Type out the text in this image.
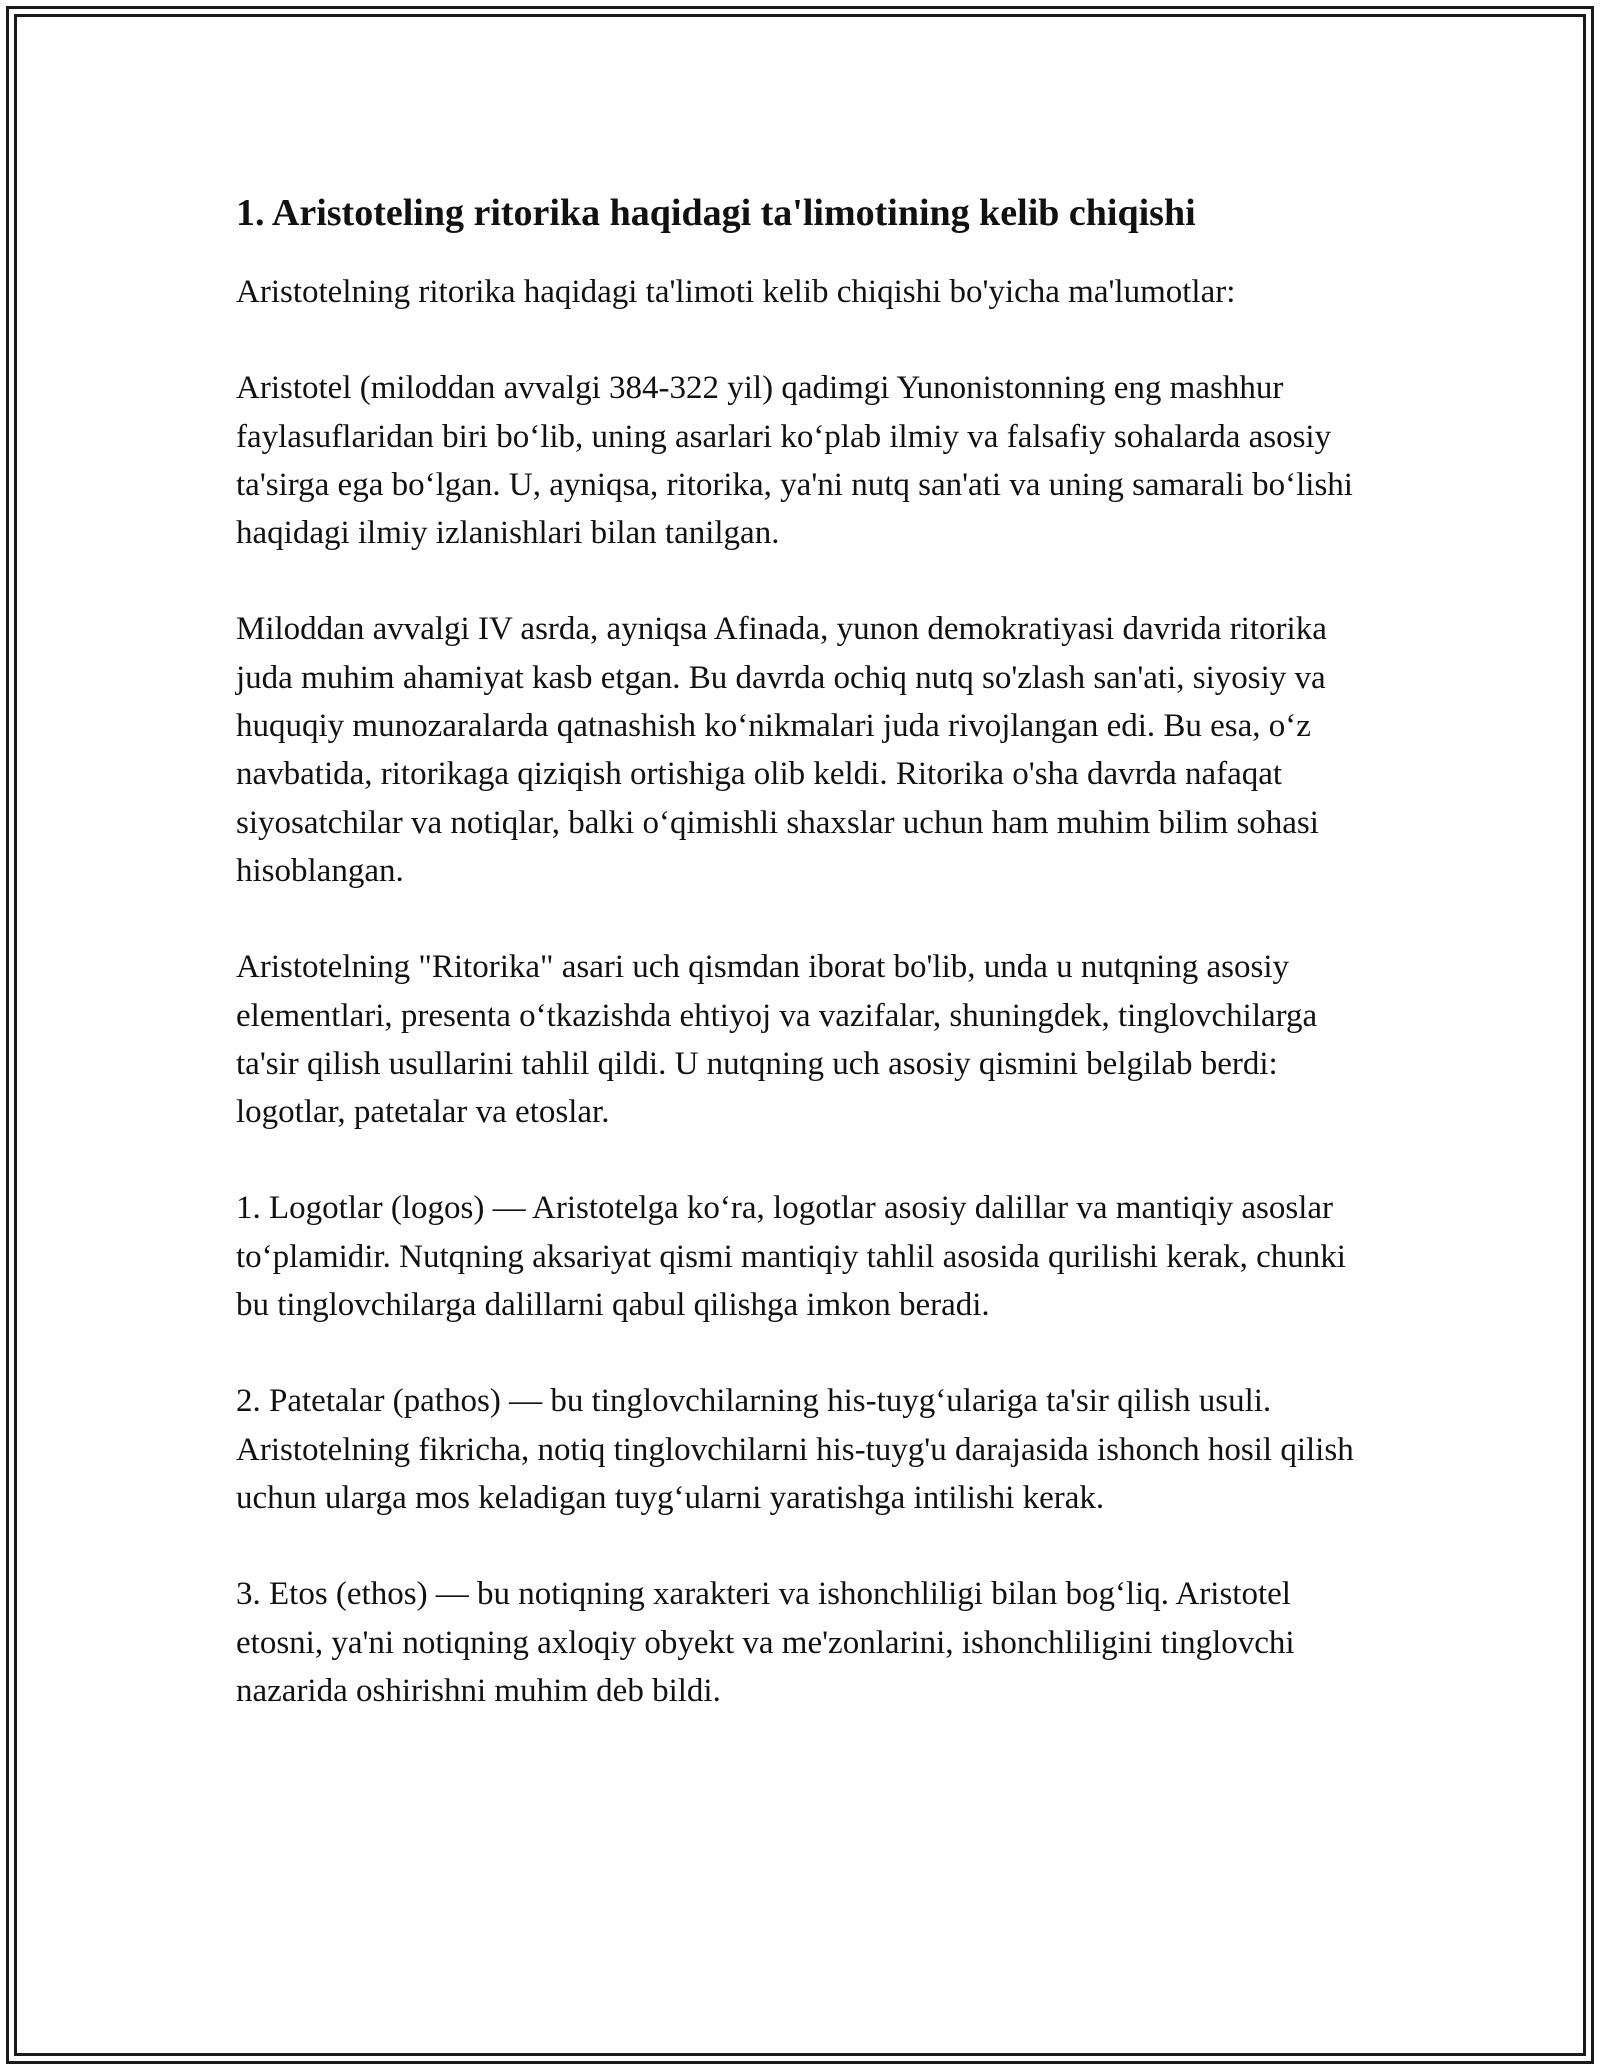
1. Aristoteling ritorika haqidagi ta'limotining kelib chiqishi

Aristotelning ritorika haqidagi ta'limoti kelib chiqishi bo'yicha ma'lumotlar:

Aristotel (miloddan avvalgi 384-322 yil) qadimgi Yunonistonning eng mashhur faylasuflaridan biri bo‘lib, uning asarlari ko‘plab ilmiy va falsafiy sohalarda asosiy ta'sirga ega bo‘lgan. U, ayniqsa, ritorika, ya'ni nutq san'ati va uning samarali bo‘lishi haqidagi ilmiy izlanishlari bilan tanilgan.

Miloddan avvalgi IV asrda, ayniqsa Afinada, yunon demokratiyasi davrida ritorika juda muhim ahamiyat kasb etgan. Bu davrda ochiq nutq so'zlash san'ati, siyosiy va huquqiy munozaralarda qatnashish ko‘nikmalari juda rivojlangan edi. Bu esa, o‘z navbatida, ritorikaga qiziqish ortishiga olib keldi. Ritorika o'sha davrda nafaqat siyosatchilar va notiqlar, balki o‘qimishli shaxslar uchun ham muhim bilim sohasi hisoblangan.

Aristotelning "Ritorika" asari uch qismdan iborat bo'lib, unda u nutqning asosiy elementlari, presenta o‘tkazishda ehtiyoj va vazifalar, shuningdek, tinglovchilarga ta'sir qilish usullarini tahlil qildi. U nutqning uch asosiy qismini belgilab berdi: logotlar, patetalar va etoslar.

1. Logotlar (logos) — Aristotelga ko‘ra, logotlar asosiy dalillar va mantiqiy asoslar to‘plamidir. Nutqning aksariyat qismi mantiqiy tahlil asosida qurilishi kerak, chunki bu tinglovchilarga dalillarni qabul qilishga imkon beradi.

2. Patetalar (pathos) — bu tinglovchilarning his-tuyg‘ulariga ta'sir qilish usuli. Aristotelning fikricha, notiq tinglovchilarni his-tuyg'u darajasida ishonch hosil qilish uchun ularga mos keladigan tuyg‘ularni yaratishga intilishi kerak.

3. Etos (ethos) — bu notiqning xarakteri va ishonchliligi bilan bog‘liq. Aristotel etosni, ya'ni notiqning axloqiy obyekt va me'zonlarini, ishonchliligini tinglovchi nazarida oshirishni muhim deb bildi.
